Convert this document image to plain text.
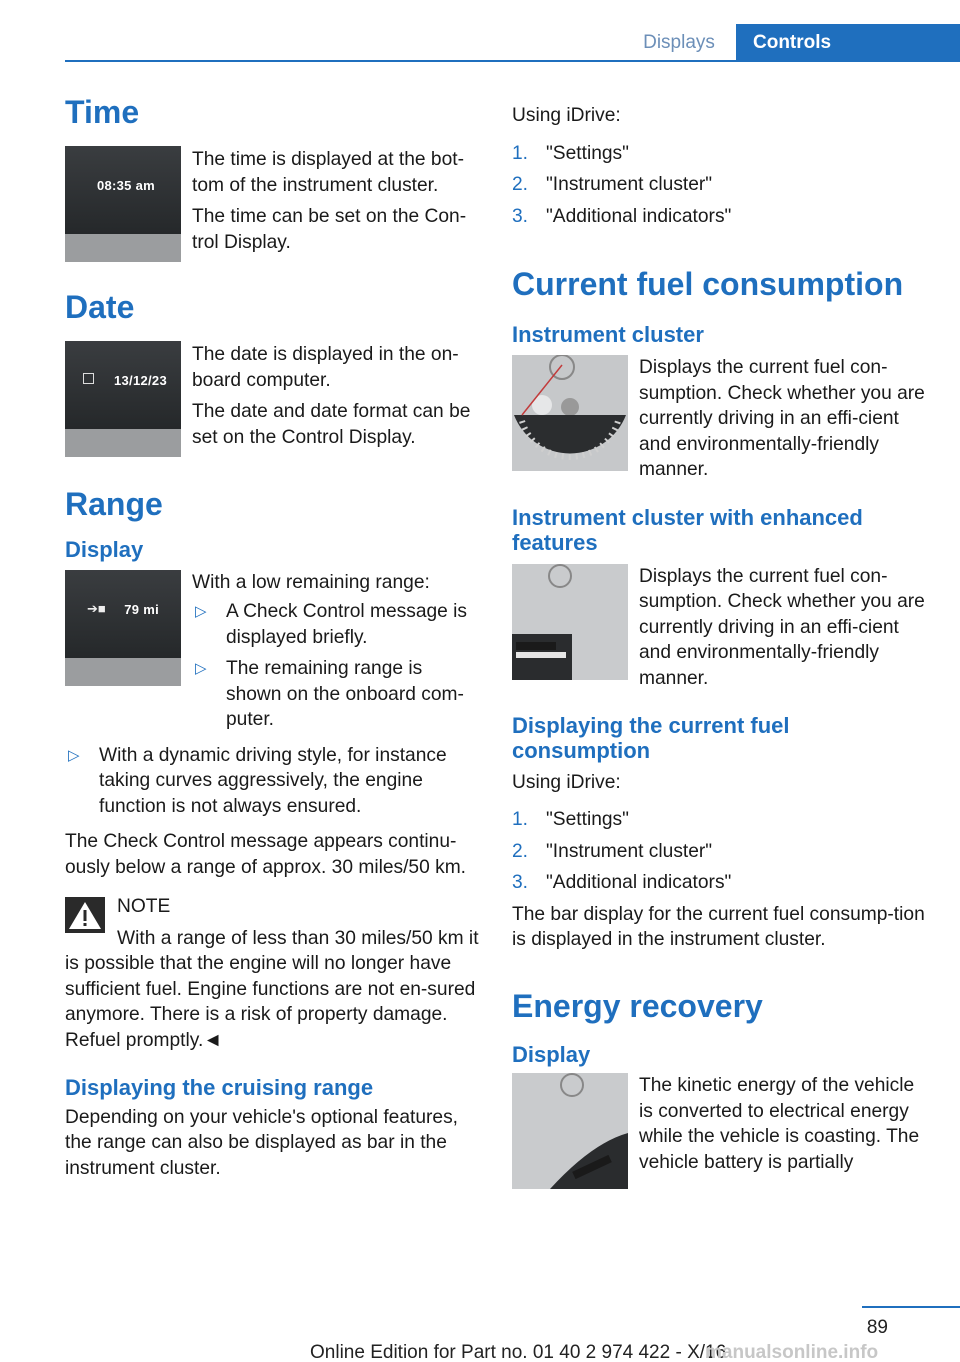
Displays	Controls
Time
08:35 am

The time is displayed at the bot-tom of the instrument cluster.

The time can be set on the Con-trol Display.

Date
13/12/23

The date is displayed in the on-board computer.

The date and date format can be set on the Control Display.

Range
Display
➔■ 79 mi

With a low remaining range:

▷ A Check Control message is displayed briefly.
▷ The remaining range is shown on the onboard com-puter.
▷ With a dynamic driving style, for instance taking curves aggressively, the engine function is not always ensured.

The Check Control message appears continu-ously below a range of approx. 30 miles/50 km.

NOTE

With a range of less than 30 miles/50 km it is possible that the engine will no longer have sufficient fuel. Engine functions are not en-sured anymore. There is a risk of property damage. Refuel promptly.◄

Displaying the cruising range

Depending on your vehicle's optional features, the range can also be displayed as bar in the instrument cluster.

Using iDrive:

1. "Settings"
2. "Instrument cluster"
3. "Additional indicators"
Current fuel consumption
Instrument cluster

Displays the current fuel con-sumption. Check whether you are currently driving in an effi-cient and environmentally-friendly manner.

Instrument cluster with enhanced features

Displays the current fuel con-sumption. Check whether you are currently driving in an effi-cient and environmentally-friendly manner.

Displaying the current fuel consumption

Using iDrive:

1. "Settings"
2. "Instrument cluster"
3. "Additional indicators"

The bar display for the current fuel consump-tion is displayed in the instrument cluster.

Energy recovery
Display

The kinetic energy of the vehicle is converted to electrical energy while the vehicle is coasting. The vehicle battery is partially

89
Online Edition for Part no. 01 40 2 974 422 - X/16
manualsonline.info
